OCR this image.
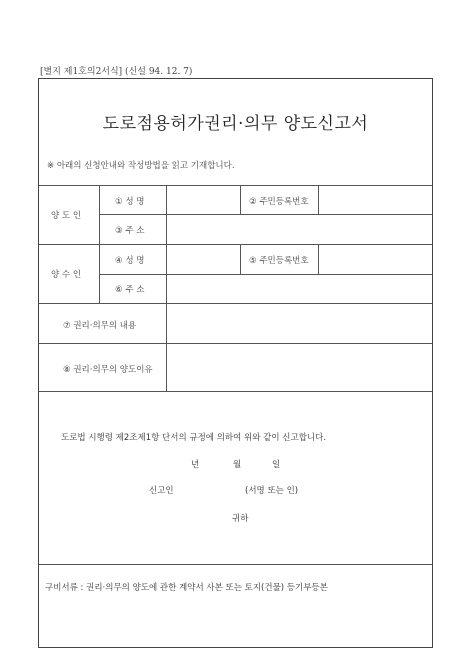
[별지 제1호의2서식] (신설 94. 12. 7)
도로점용허가권리·의무 양도신고서
※ 아래의 신청안내와 작성방법을 읽고 기재합니다.
양 도 인
① 성 명	② 주민등록번호
③ 주 소
양 수 인
④ 성 명	⑤ 주민등록번호
⑥ 주 소
⑦ 권리·의무의 내용
⑧ 권리·의무의 양도이유
도로법 시행령 제2조제1항 단서의 규정에 의하여 위와 같이 신고합니다.
년	월	일
신고인	(서명 또는 인)
귀하
구비서류 : 권리·의무의 양도에 관한 계약서 사본 또는 토지(건물) 등기부등본
